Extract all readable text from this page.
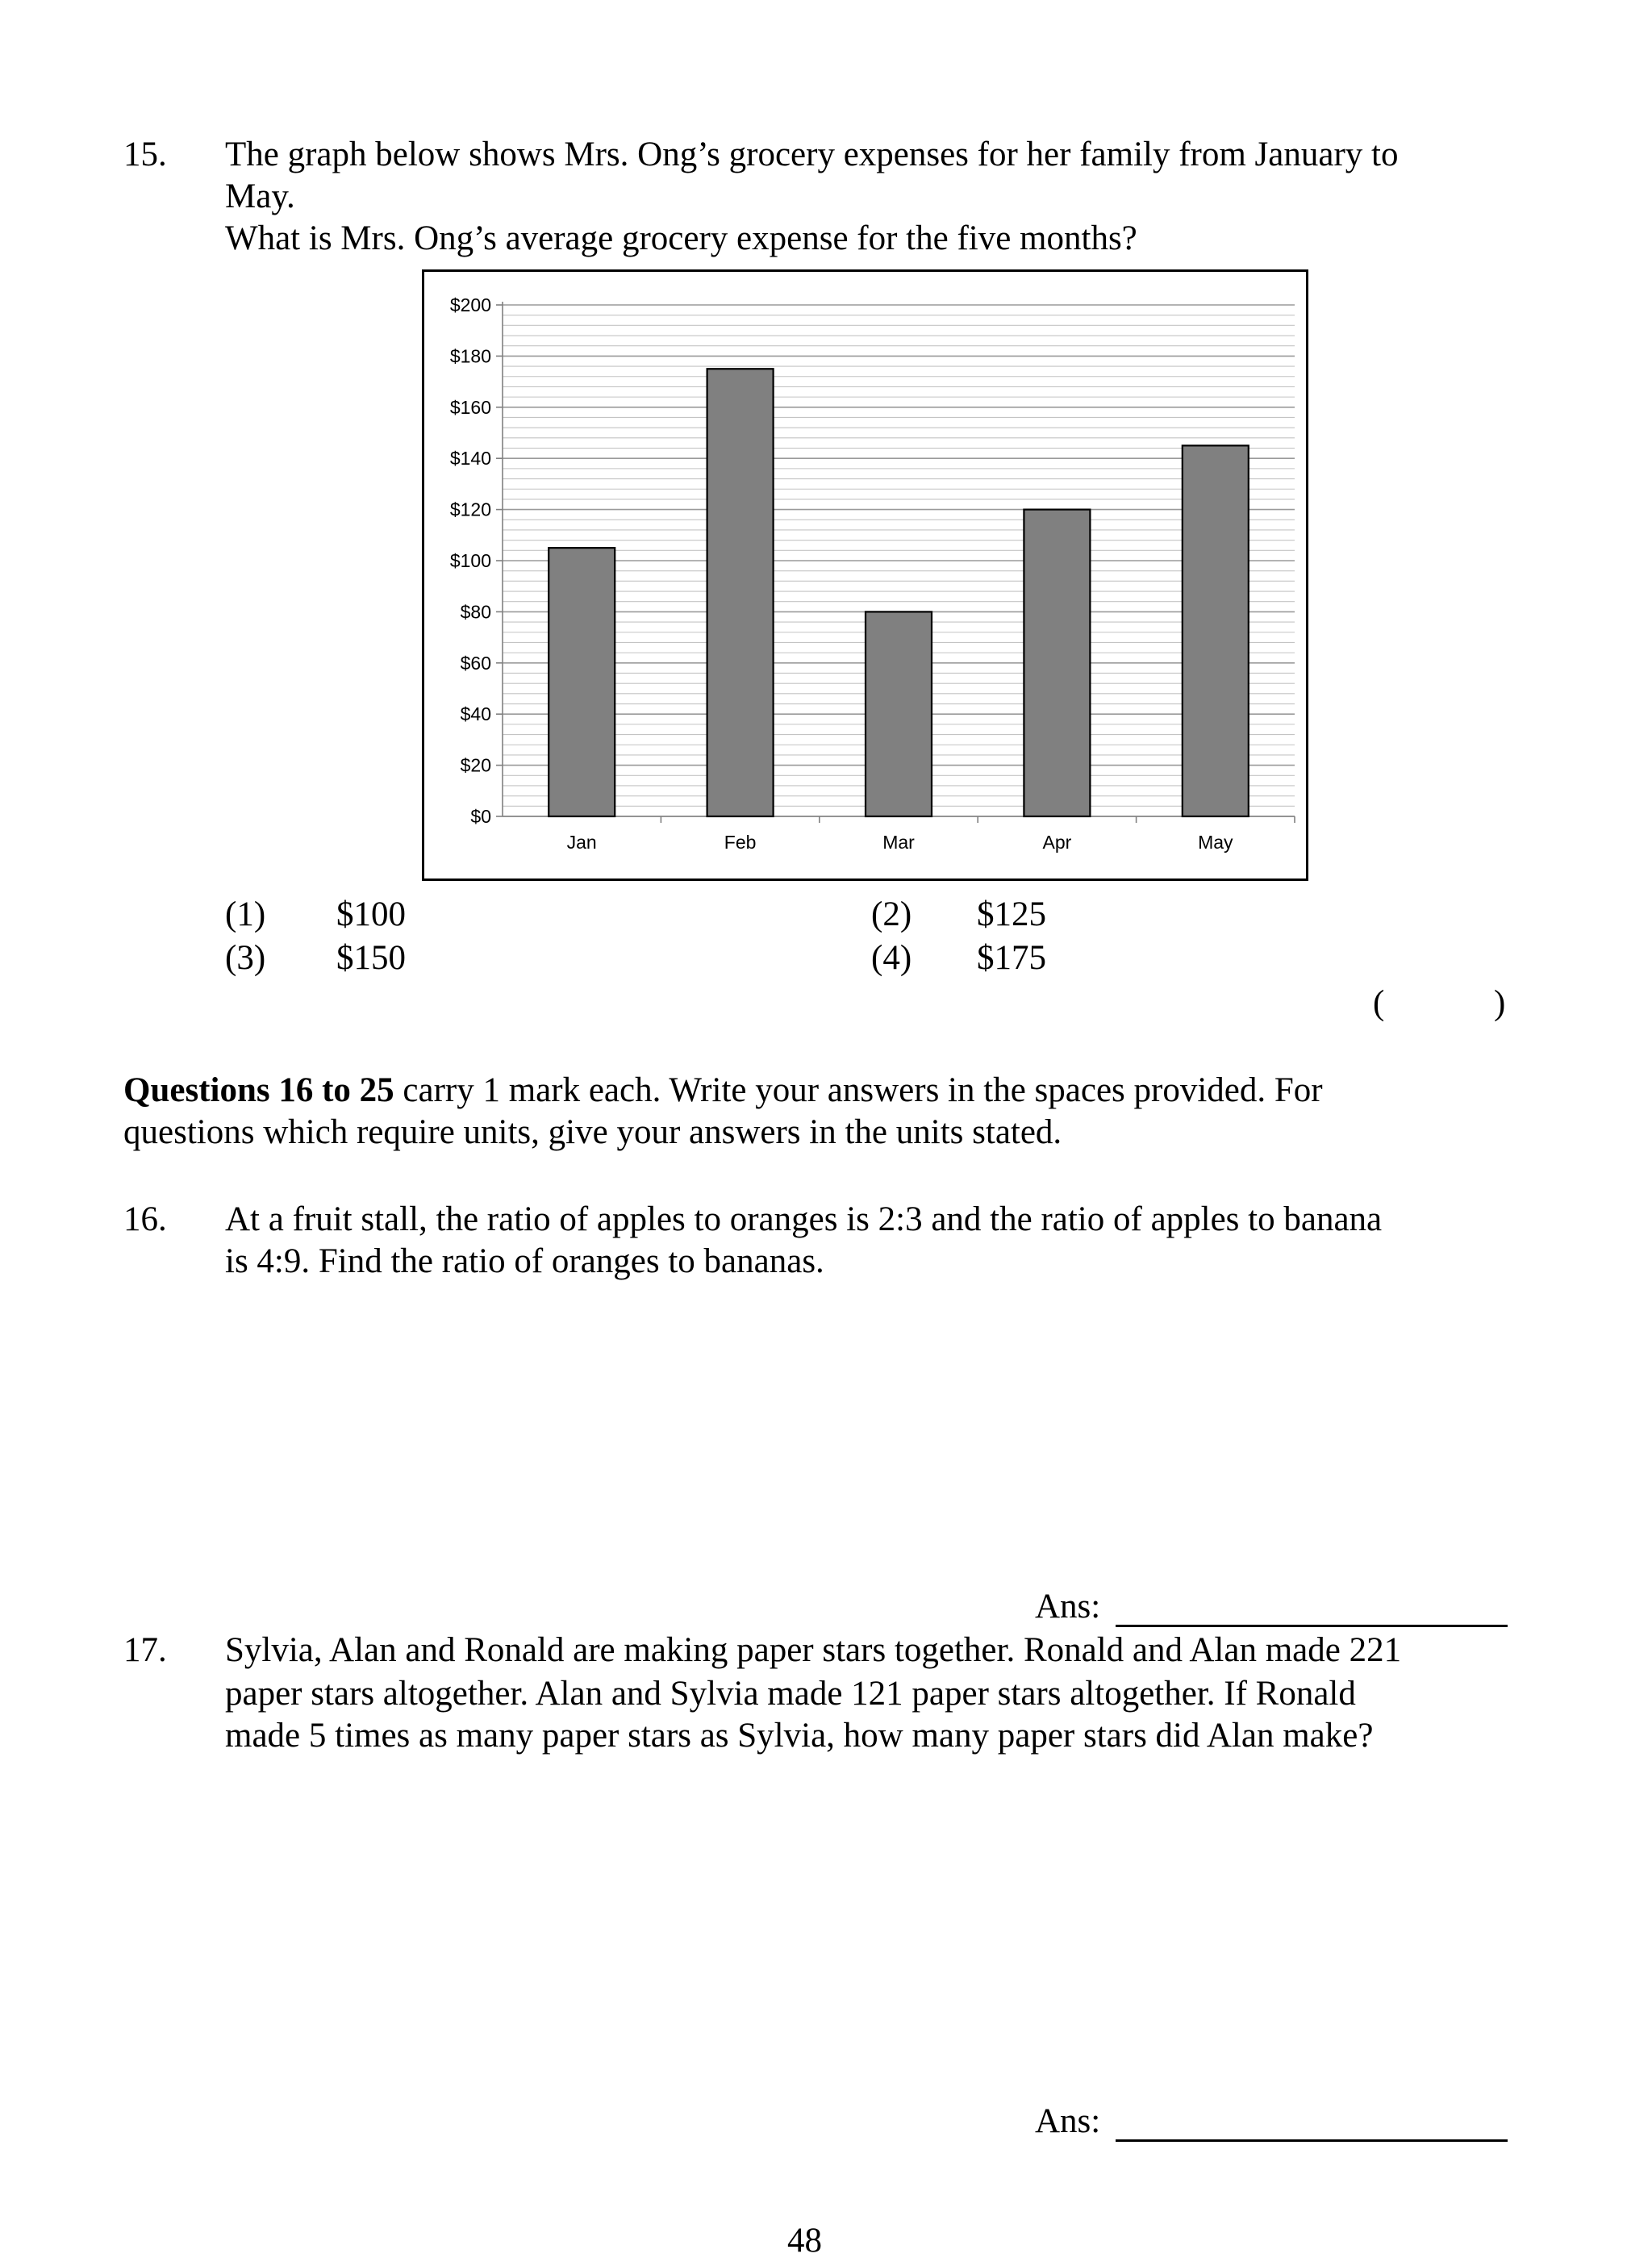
15. The graph below shows Mrs. Ong’s grocery expenses for her family from January to
May.
What is Mrs. Ong’s average grocery expense for the five months?
$0
$20
$40
$60
$80
$100
$120
$140
$160
$180
$200
Jan	Feb	Mar	Apr	May
(1) $100	(2) $125
(3) $150	(4) $175
(	)
Questions 16 to 25 carry 1 mark each. Write your answers in the spaces provided. For
questions which require units, give your answers in the units stated.
16. At a fruit stall, the ratio of apples to oranges is 2:3 and the ratio of apples to banana
is 4:9. Find the ratio of oranges to bananas.
Ans:
17. Sylvia, Alan and Ronald are making paper stars together. Ronald and Alan made 221
paper stars altogether. Alan and Sylvia made 121 paper stars altogether. If Ronald
made 5 times as many paper stars as Sylvia, how many paper stars did Alan make?
Ans:
48
